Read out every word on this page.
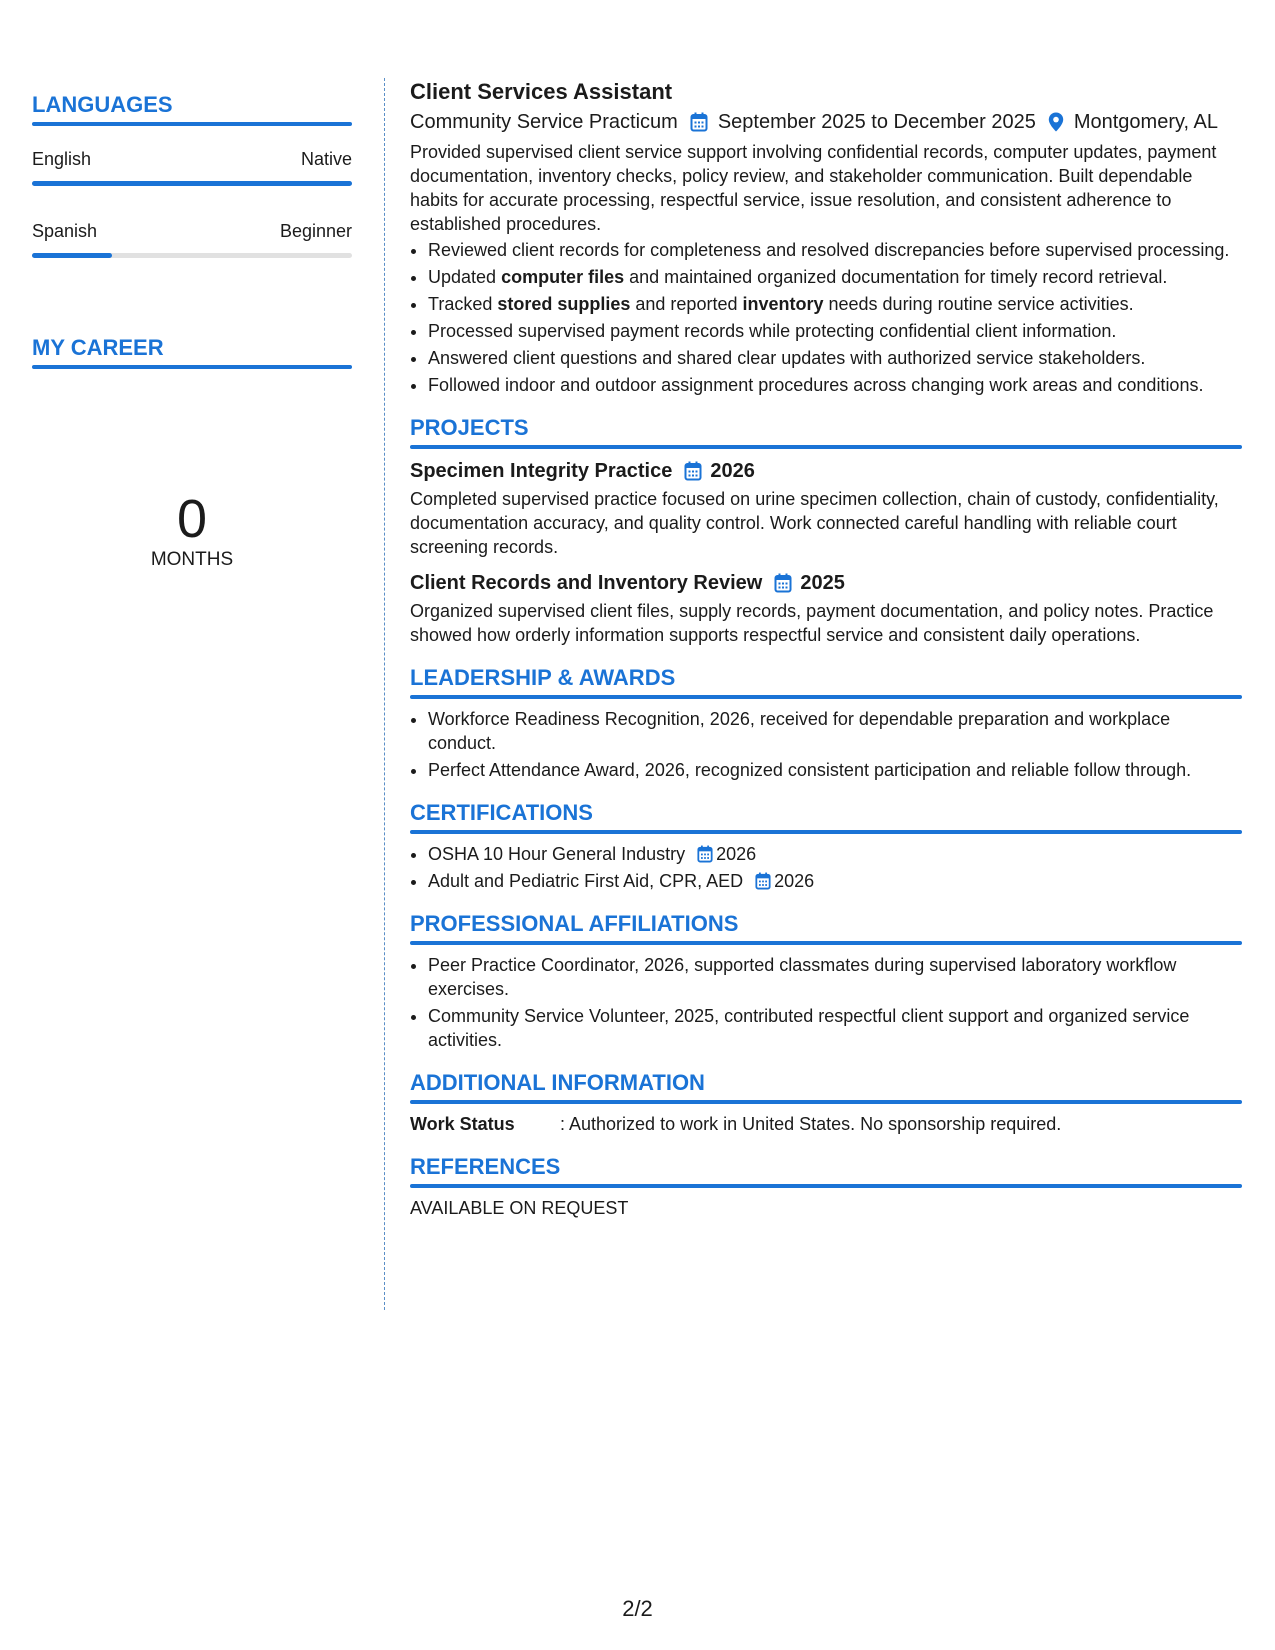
LANGUAGES
English	Native
Spanish	Beginner
MY CAREER
0
MONTHS
Client Services Assistant
Community Service Practicum September 2025 to December 2025 Montgomery, AL

Provided supervised client service support involving confidential records, computer updates, payment documentation, inventory checks, policy review, and stakeholder communication. Built dependable habits for accurate processing, respectful service, issue resolution, and consistent adherence to established procedures.

• Reviewed client records for completeness and resolved discrepancies before supervised processing.
• Updated computer files and maintained organized documentation for timely record retrieval.
• Tracked stored supplies and reported inventory needs during routine service activities.
• Processed supervised payment records while protecting confidential client information.
• Answered client questions and shared clear updates with authorized service stakeholders.
• Followed indoor and outdoor assignment procedures across changing work areas and conditions.
PROJECTS
Specimen Integrity Practice 2026

Completed supervised practice focused on urine specimen collection, chain of custody, confidentiality, documentation accuracy, and quality control. Work connected careful handling with reliable court screening records.

Client Records and Inventory Review 2025

Organized supervised client files, supply records, payment documentation, and policy notes. Practice showed how orderly information supports respectful service and consistent daily operations.

LEADERSHIP & AWARDS
• Workforce Readiness Recognition, 2026, received for dependable preparation and workplace conduct.
• Perfect Attendance Award, 2026, recognized consistent participation and reliable follow through.
CERTIFICATIONS
• OSHA 10 Hour General Industry 2026
• Adult and Pediatric First Aid, CPR, AED 2026
PROFESSIONAL AFFILIATIONS
• Peer Practice Coordinator, 2026, supported classmates during supervised laboratory workflow exercises.
• Community Service Volunteer, 2025, contributed respectful client support and organized service activities.
ADDITIONAL INFORMATION
Work Status	: Authorized to work in United States. No sponsorship required.
REFERENCES
AVAILABLE ON REQUEST
2/2
